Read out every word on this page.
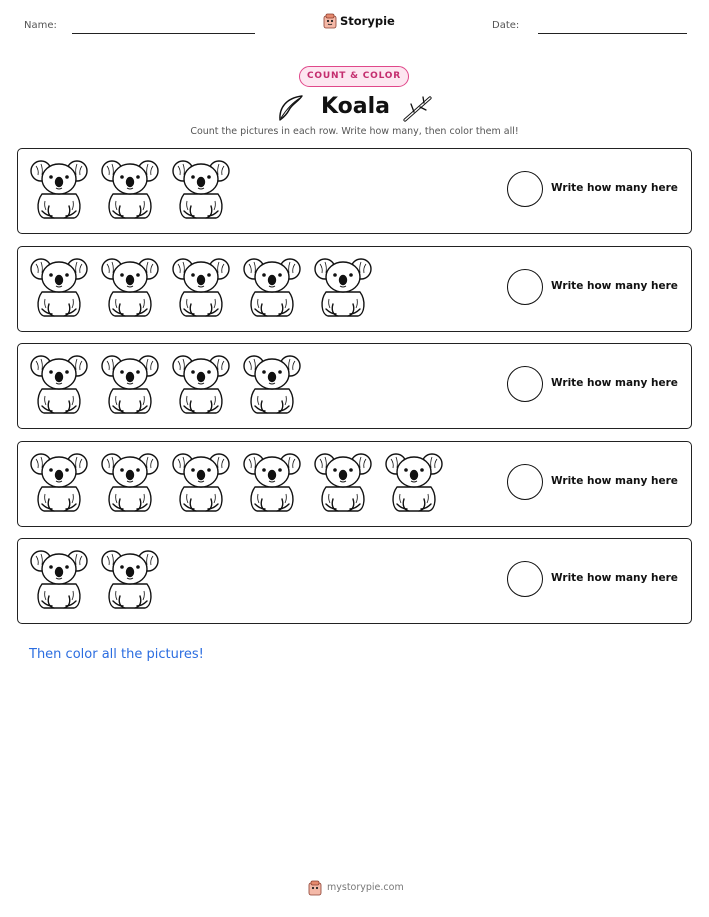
Name:	Storypie	Date:
COUNT & COLOR
Koala
Count the pictures in each row. Write how many, then color them all!
Write how many here
Write how many here
Write how many here
Write how many here
Write how many here
Then color all the pictures!
mystorypie.com
